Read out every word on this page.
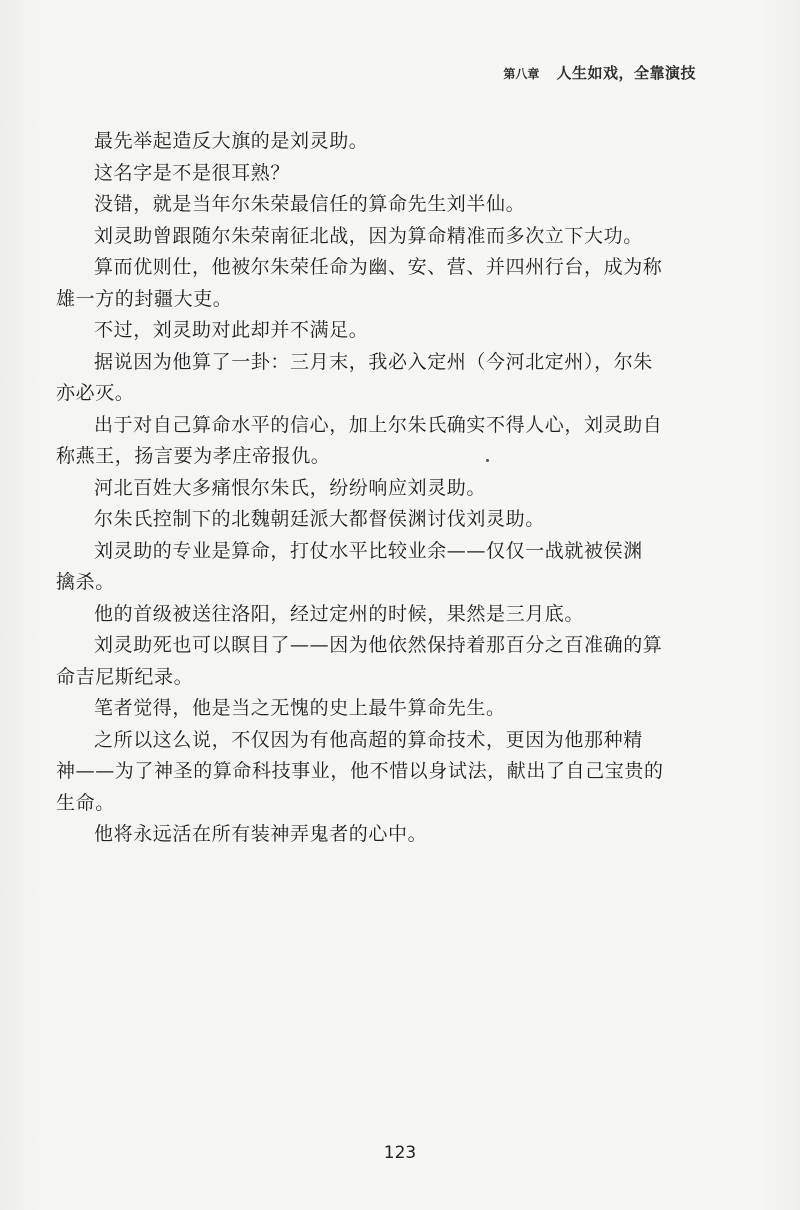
第八章 人生如戏，全靠演技

最先举起造反大旗的是刘灵助。

这名字是不是很耳熟？

没错，就是当年尔朱荣最信任的算命先生刘半仙。

刘灵助曾跟随尔朱荣南征北战，因为算命精准而多次立下大功。

算而优则仕，他被尔朱荣任命为幽、安、营、并四州行台，成为称
雄一方的封疆大吏。

不过，刘灵助对此却并不满足。

据说因为他算了一卦：三月末，我必入定州（今河北定州），尔朱
亦必灭。

出于对自己算命水平的信心，加上尔朱氏确实不得人心，刘灵助自
称燕王，扬言要为孝庄帝报仇。

河北百姓大多痛恨尔朱氏，纷纷响应刘灵助。

尔朱氏控制下的北魏朝廷派大都督侯渊讨伐刘灵助。

刘灵助的专业是算命，打仗水平比较业余——仅仅一战就被侯渊
擒杀。

他的首级被送往洛阳，经过定州的时候，果然是三月底。

刘灵助死也可以瞑目了——因为他依然保持着那百分之百准确的算
命吉尼斯纪录。

笔者觉得，他是当之无愧的史上最牛算命先生。

之所以这么说，不仅因为有他高超的算命技术，更因为他那种精
神——为了神圣的算命科技事业，他不惜以身试法，献出了自己宝贵的
生命。

他将永远活在所有装神弄鬼者的心中。

123
